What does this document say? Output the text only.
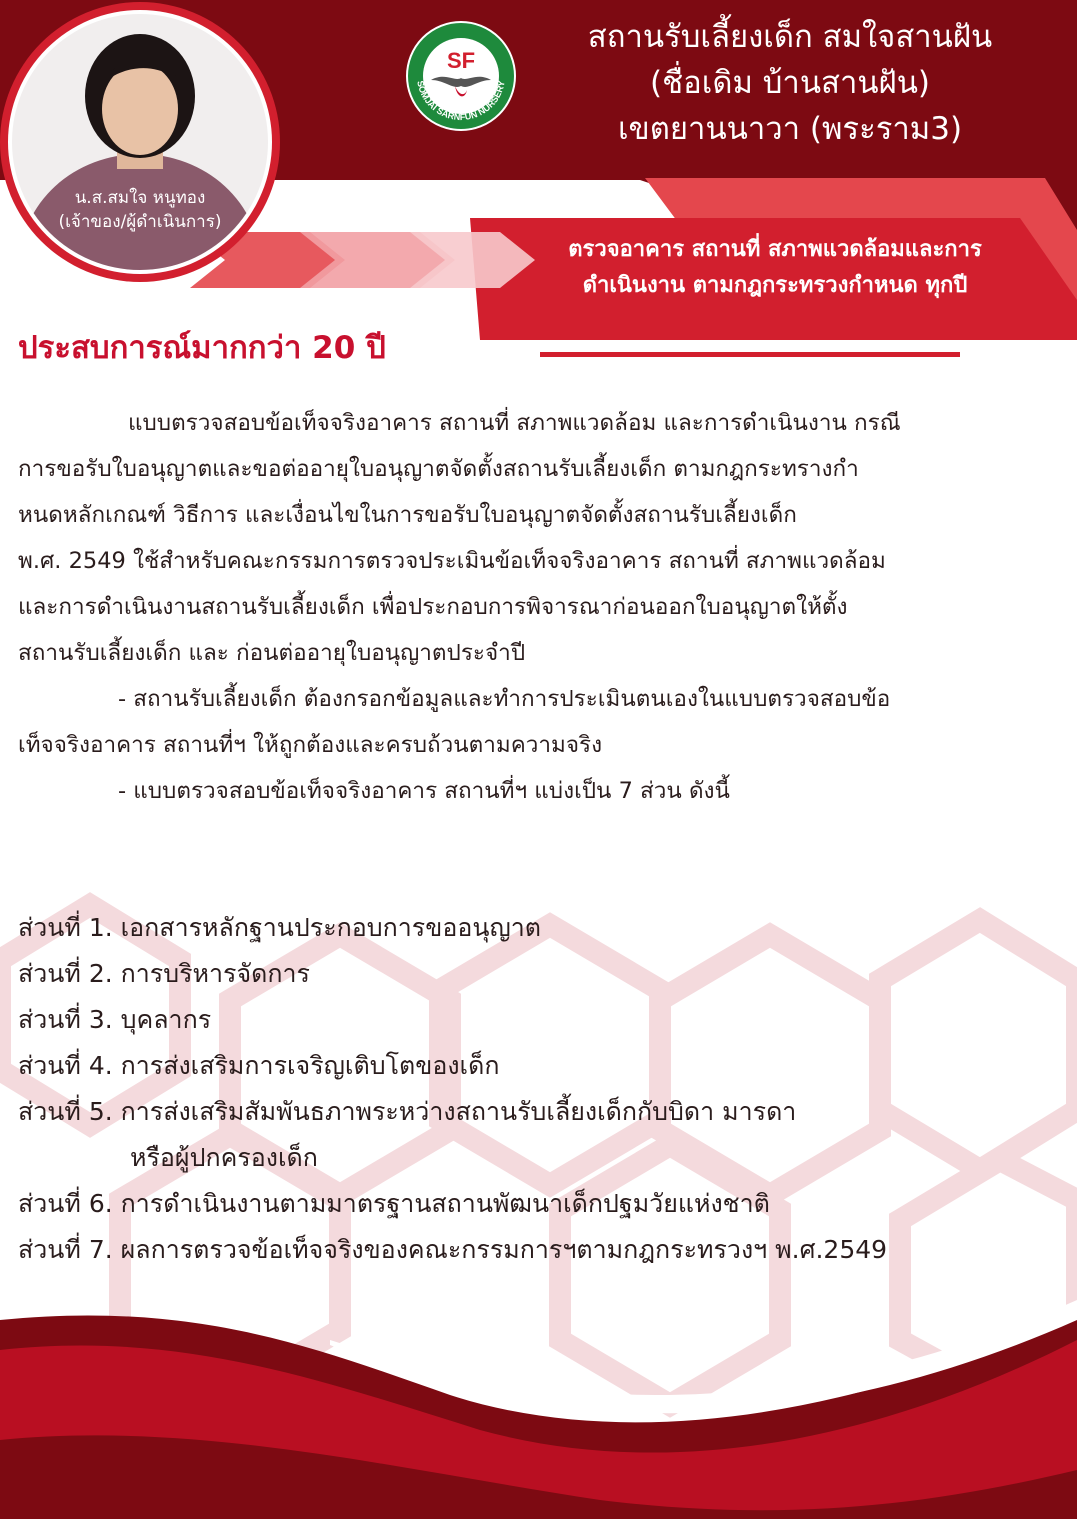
น.ส.สมใจ หนูทอง
(เจ้าของ/ผู้ดำเนินการ)
SF
SOMJAI SARNFUN NURSERY
สถานรับเลี้ยงเด็ก สมใจสานฝัน
(ชื่อเดิม บ้านสานฝัน)
เขตยานนาวา (พระราม3)
ตรวจอาคาร สถานที่ สภาพแวดล้อมและการ
ดำเนินงาน ตามกฎกระทรวงกำหนด ทุกปี
ประสบการณ์มากกว่า 20 ปี
แบบตรวจสอบข้อเท็จจริงอาคาร สถานที่ สภาพแวดล้อม และการดำเนินงาน กรณี
การขอรับใบอนุญาตและขอต่ออายุใบอนุญาตจัดตั้งสถานรับเลี้ยงเด็ก ตามกฎกระทรางกำ
หนดหลักเกณฑ์ วิธีการ และเงื่อนไขในการขอรับใบอนุญาตจัดตั้งสถานรับเลี้ยงเด็ก
พ.ศ. 2549 ใช้สำหรับคณะกรรมการตรวจประเมินข้อเท็จจริงอาคาร สถานที่ สภาพแวดล้อม
และการดำเนินงานสถานรับเลี้ยงเด็ก เพื่อประกอบการพิจารณาก่อนออกใบอนุญาตให้ตั้ง
สถานรับเลี้ยงเด็ก และ ก่อนต่ออายุใบอนุญาตประจำปี
- สถานรับเลี้ยงเด็ก ต้องกรอกข้อมูลและทำการประเมินตนเองในแบบตรวจสอบข้อ
เท็จจริงอาคาร สถานที่ฯ ให้ถูกต้องและครบถ้วนตามความจริง
- แบบตรวจสอบข้อเท็จจริงอาคาร สถานที่ฯ แบ่งเป็น 7 ส่วน ดังนี้
ส่วนที่ 1. เอกสารหลักฐานประกอบการขออนุญาต
ส่วนที่ 2. การบริหารจัดการ
ส่วนที่ 3. บุคลากร
ส่วนที่ 4. การส่งเสริมการเจริญเติบโตของเด็ก
ส่วนที่ 5. การส่งเสริมสัมพันธภาพระหว่างสถานรับเลี้ยงเด็กกับบิดา มารดา
หรือผู้ปกครองเด็ก
ส่วนที่ 6. การดำเนินงานตามมาตรฐานสถานพัฒนาเด็กปฐมวัยแห่งชาติ
ส่วนที่ 7. ผลการตรวจข้อเท็จจริงของคณะกรรมการฯตามกฎกระทรวงฯ พ.ศ.2549
